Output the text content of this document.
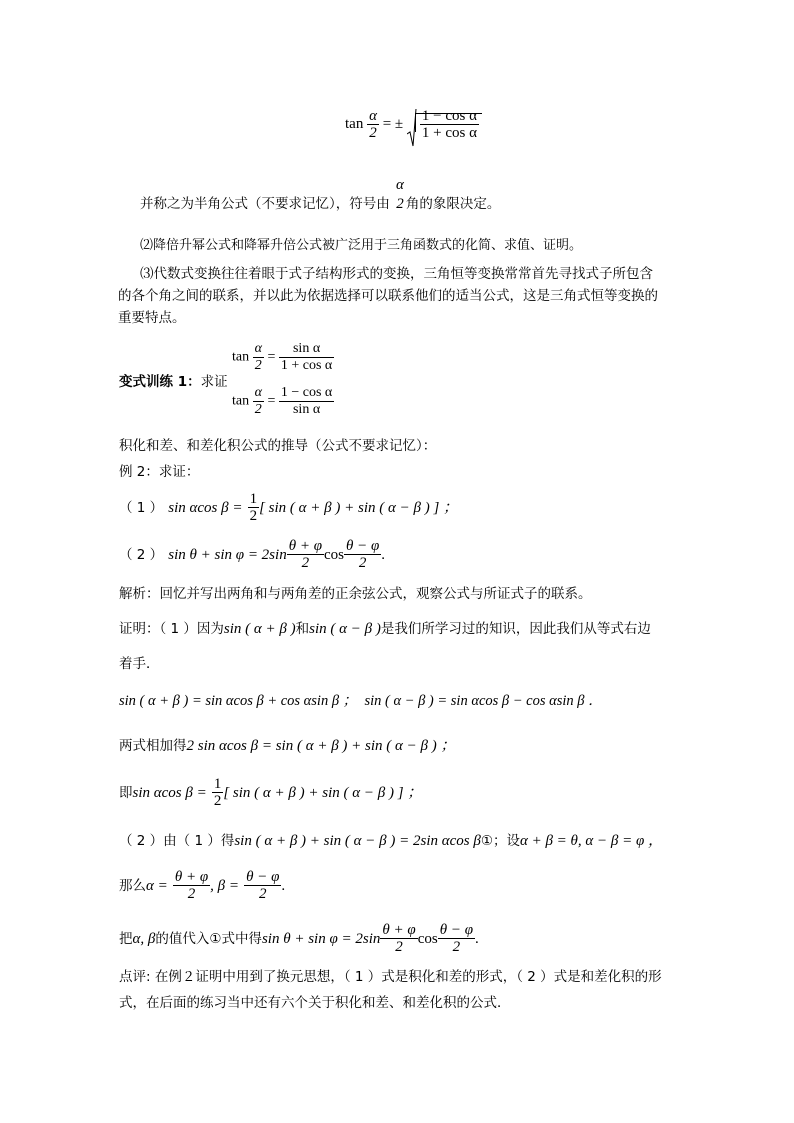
$\tan \frac{\alpha}{2}$ = ± $\frac{\text{1 − cos α}}{\text{1 + cos α}}$
并称之为半角公式（不要求记忆），符号由
α
2 角的象限决定。
⑵降倍升幂公式和降幂升倍公式被广泛用于三角函数式的化简、求值、证明。
⑶代数式变换往往着眼于式子结构形式的变换，三角恒等变换常常首先寻找式子所包含
的各个角之间的联系，并以此为依据选择可以联系他们的适当公式，这是三角式恒等变换的
重要特点。
$\tan \frac{\alpha}{2} = \frac{\text{sin α}}{\text{1 + cos α}}$
变式训练 1：求证
$\tan \frac{\alpha}{2} = \frac{\text{1 − cos α}}{\text{sin α}}$
积化和差、和差化积公式的推导（公式不要求记忆）：
例 2：求证：
（ 1 ） sin αcos $\beta = \frac{1}{2}$ [ sin ( α + β ) + sin ( α − β ) ] ；
（ 2 ） $\sin \theta + \sin \varphi = 2\sin \frac{\theta + \varphi}{2}$ $\cos \frac{\theta - \varphi}{2}$ .
解析：回忆并写出两角和与两角差的正余弦公式，观察公式与所证式子的联系。
证明：（ 1 ）因为sin ( α + β )和sin ( α − β )是我们所学习过的知识，因此我们从等式右边
着手．
sin ( α + β ) = sin αcos β + cos αsin β ； sin ( α − β ) = sin αcos β − cos αsin β ．
两式相加得2 sin αcos β = sin ( α + β ) + sin ( α − β ) ；
即sin αcos $\beta = \frac{1}{2}$ [ sin ( α + β ) + sin ( α − β ) ] ；
（ 2 ）由（ 1 ）得sin ( α + β ) + sin ( α − β ) = 2sin αcos β①；设α + β = θ, α − β = φ ，
那么$\alpha = \frac{\theta + \varphi}{2}$ , $\beta = \frac{\theta - \varphi}{2}$ .
把α, β的值代入①式中得$\sin \theta + \sin \varphi = 2\sin \frac{\theta + \varphi}{2}$ $\cos \frac{\theta - \varphi}{2}$ .
点评: 在例２证明中用到了换元思想，（ 1 ）式是积化和差的形式，（ 2 ）式是和差化积的形
式，在后面的练习当中还有六个关于积化和差、和差化积的公式．
